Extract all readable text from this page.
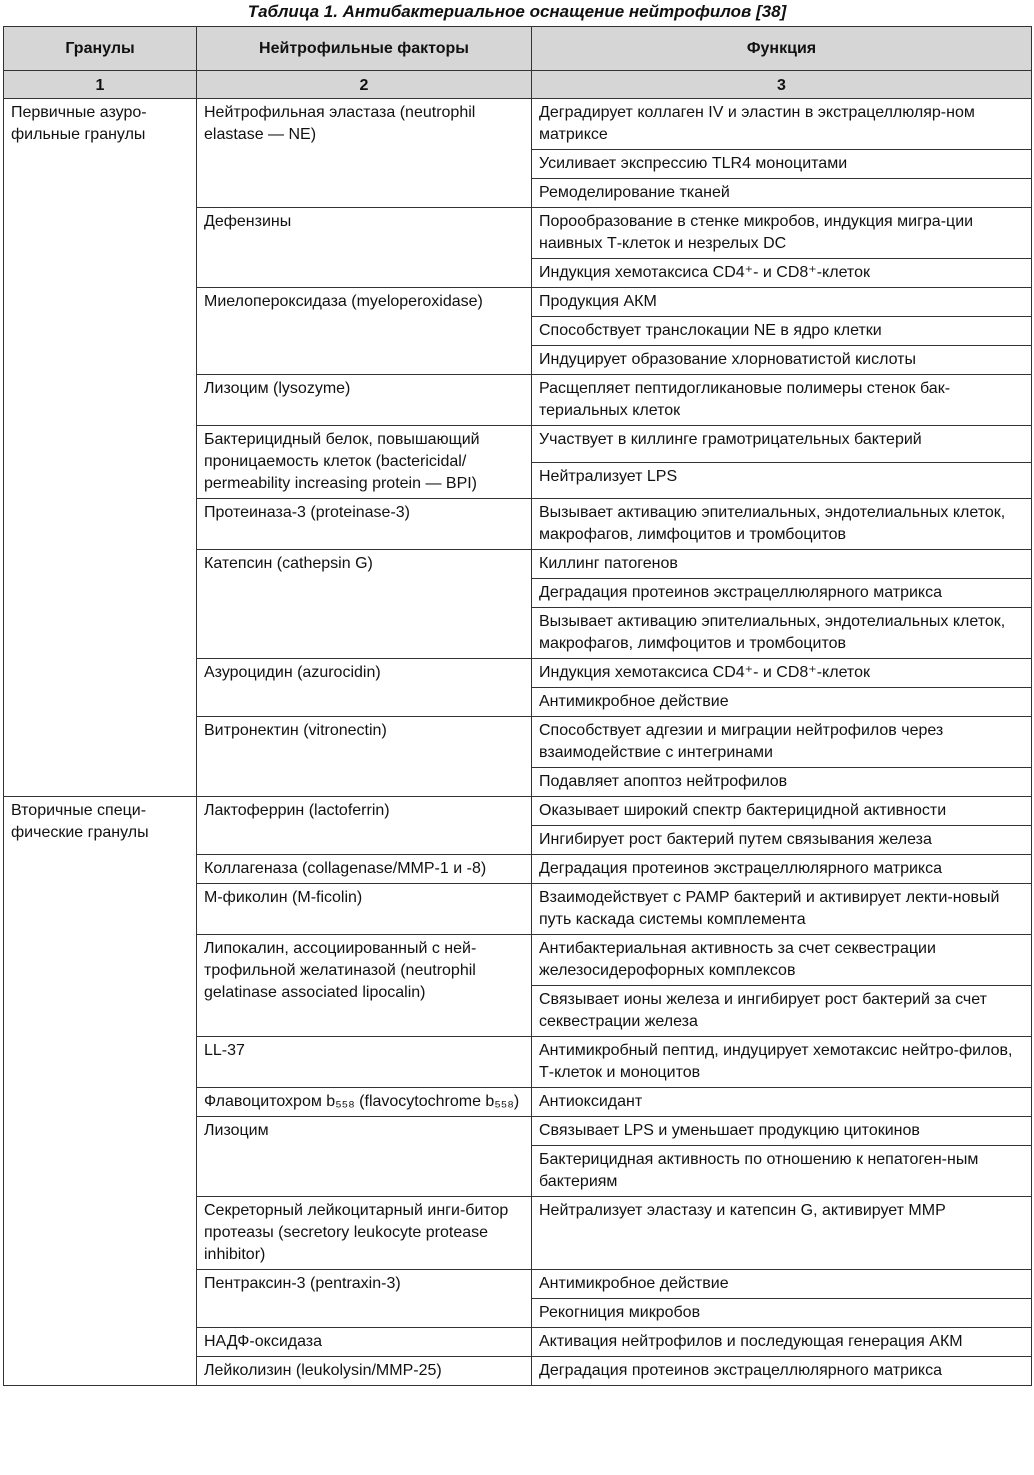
Таблица 1. Антибактериальное оснащение нейтрофилов [38]
Гранулы	Нейтрофильные факторы	Функция
1	2	3
Первичные азуро-фильные гранулы	Нейтрофильная эластаза (neutrophil elastase — NE)	Деградирует коллаген IV и эластин в экстрацеллюляр-ном матриксе
		Усиливает экспрессию TLR4 моноцитами
		Ремоделирование тканей
	Дефензины	Порообразование в стенке микробов, индукция мигра-ции наивных Т-клеток и незрелых DC
		Индукция хемотаксиса CD4⁺- и CD8⁺-клеток
	Миелопероксидаза (myeloperoxidase)	Продукция АКМ
		Способствует транслокации NE в ядро клетки
		Индуцирует образование хлорноватистой кислоты
	Лизоцим (lysozyme)	Расщепляет пептидогликановые полимеры стенок бак-териальных клеток
	Бактерицидный белок, повышающий проницаемость клеток (bactericidal/ permeability increasing protein — BPI)	Участвует в киллинге грамотрицательных бактерий
		Нейтрализует LPS
	Протеиназа-3 (proteinase-3)	Вызывает активацию эпителиальных, эндотелиальных клеток, макрофагов, лимфоцитов и тромбоцитов
	Катепсин (cathepsin G)	Киллинг патогенов
		Деградация протеинов экстрацеллюлярного матрикса
		Вызывает активацию эпителиальных, эндотелиальных клеток, макрофагов, лимфоцитов и тромбоцитов
	Азуроцидин (azurocidin)	Индукция хемотаксиса CD4⁺- и CD8⁺-клеток
		Антимикробное действие
	Витронектин (vitronectin)	Способствует адгезии и миграции нейтрофилов через взаимодействие с интегринами
		Подавляет апоптоз нейтрофилов
Вторичные специ-фические гранулы	Лактоферрин (lactoferrin)	Оказывает широкий спектр бактерицидной активности
		Ингибирует рост бактерий путем связывания железа
	Коллагеназа (collagenase/MMP-1 и -8)	Деградация протеинов экстрацеллюлярного матрикса
	М-фиколин (M-ficolin)	Взаимодействует с PAMP бактерий и активирует лекти-новый путь каскада системы комплемента
	Липокалин, ассоциированный с ней-трофильной желатиназой (neutrophil gelatinase associated lipocalin)	Антибактериальная активность за счет секвестрации железосидерофорных комплексов
		Связывает ионы железа и ингибирует рост бактерий за счет секвестрации железа
	LL-37	Антимикробный пептид, индуцирует хемотаксис нейтро-филов, Т-клеток и моноцитов
	Флавоцитохром b₅₅₈ (flavocytochrome b₅₅₈)	Антиоксидант
	Лизоцим	Связывает LPS и уменьшает продукцию цитокинов
		Бактерицидная активность по отношению к непатоген-ным бактериям
	Секреторный лейкоцитарный инги-битор протеазы (secretory leukocyte protease inhibitor)	Нейтрализует эластазу и катепсин G, активирует MMP
	Пентраксин-3 (pentraxin-3)	Антимикробное действие
		Рекогниция микробов
	НАДФ-оксидаза	Активация нейтрофилов и последующая генерация АКМ
	Лейколизин (leukolysin/MMP-25)	Деградация протеинов экстрацеллюлярного матрикса
